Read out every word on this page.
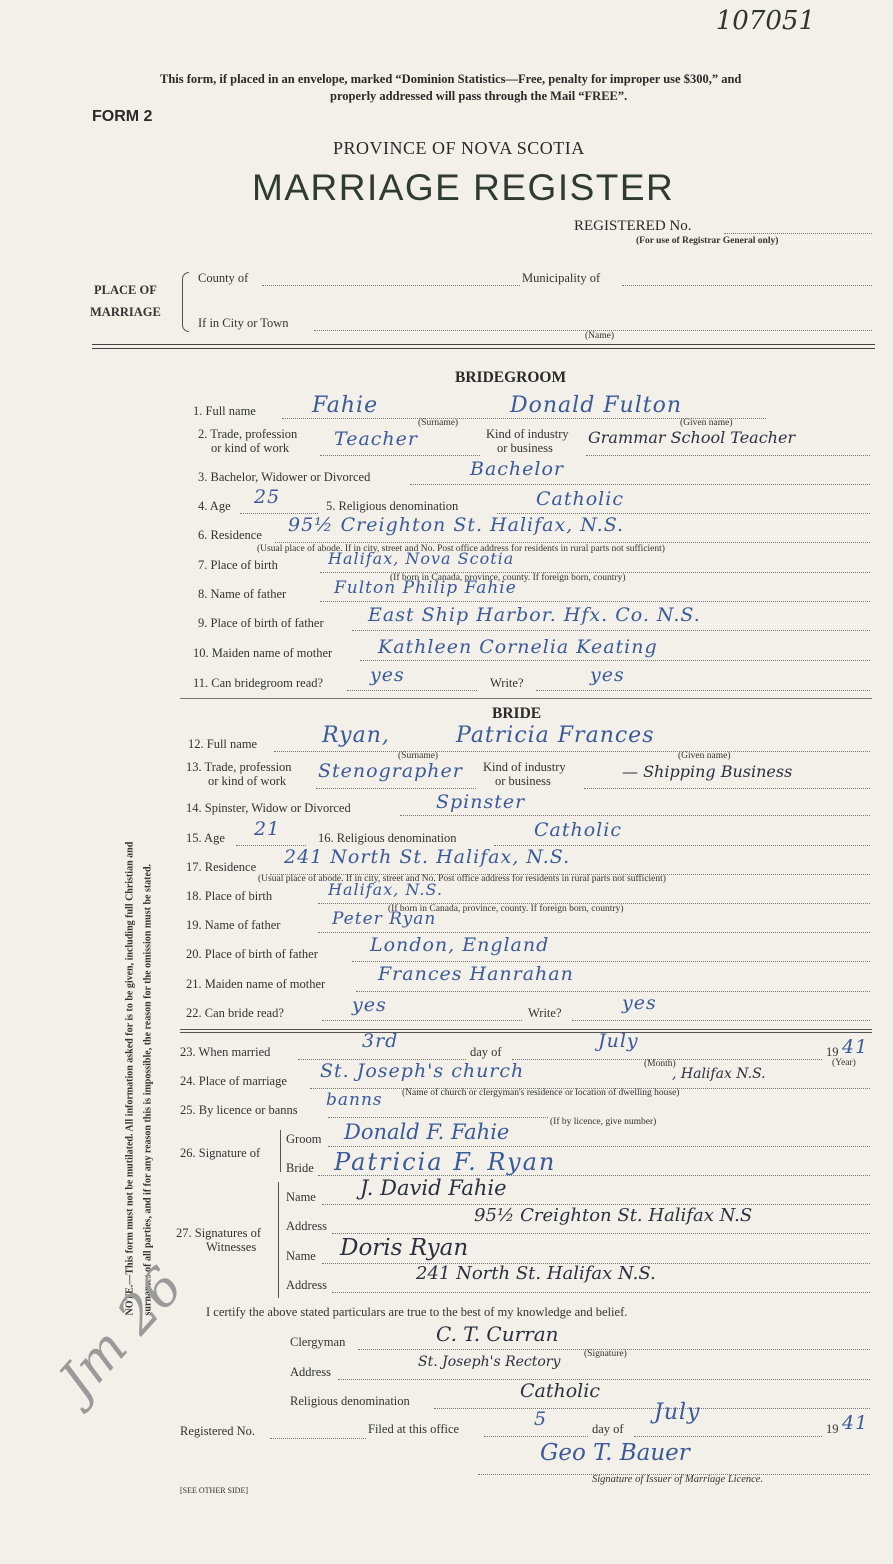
107051
This form, if placed in an envelope, marked “Dominion Statistics—Free, penalty for improper use $300,” and
properly addressed will pass through the Mail “FREE”.
FORM 2
PROVINCE OF NOVA SCOTIA
MARRIAGE REGISTER
REGISTERED No.
(For use of Registrar General only)
PLACE OF
MARRIAGE
County of	Municipality of
If in City or Town
(Name)
NOTE.—This form must not be mutilated. All information asked for is to be given, including full Christian and surnames of all parties, and if for any reason this is impossible, the reason for the omission must be stated.
BRIDEGROOM
1. Full name	Fahie	Donald Fulton
(Surname)	(Given name)
2. Trade, profession
or kind of work Teacher	Kind of industry
or business
Grammar School Teacher
3. Bachelor, Widower or Divorced	Bachelor
4. Age 25	5. Religious denomination	Catholic
6. Residence 95½ Creighton St. Halifax, N.S.
(Usual place of abode. If in city, street and No. Post office address for residents in rural parts not sufficient)
7. Place of birth	Halifax, Nova Scotia
(If born in Canada, province, county. If foreign born, country)
8. Name of father	Fulton Philip Fahie
9. Place of birth of father East Ship Harbor. Hfx. Co. N.S.
10. Maiden name of mother Kathleen Cornelia Keating
11. Can bridegroom read? yes	Write?	yes
BRIDE
12. Full name	Ryan,	Patricia Frances
(Surname)	(Given name)
13. Trade, profession
or kind of work Stenographer Kind of industry
or business	— Shipping Business
14. Spinster, Widow or Divorced	Spinster
15. Age 21	16. Religious denomination	Catholic
17. Residence 241 North St. Halifax, N.S.
(Usual place of abode. If in city, street and No. Post office address for residents in rural parts not sufficient)
18. Place of birth	Halifax, N.S.
(If born in Canada, province, county. If foreign born, country)
19. Name of father	Peter Ryan
20. Place of birth of father	London, England
21. Maiden name of mother	Frances Hanrahan
22. Can bride read?	yes	Write?	yes
23. When married	3rd	day of	July	19 41
(Month)	(Year)
24. Place of marriage St. Joseph's church	, Halifax N.S.
(Name of church or clergyman's residence or location of dwelling house)
25. By licence or banns banns
(If by licence, give number)
26. Signature of
Groom Donald F. Fahie
Bride Patricia F. Ryan
27. Signatures of
Witnesses
Name J. David Fahie
Address	95½ Creighton St. Halifax N.S
Name Doris Ryan
Address
241 North St. Halifax N.S.
I certify the above stated particulars are true to the best of my knowledge and belief.
Clergyman	C. T. Curran
(Signature)
Address
St. Joseph's Rectory
Religious denomination	Catholic
Registered No.	Filed at this office	5	day of
July
19 41
Geo T. Bauer
Signature of Issuer of Marriage Licence.
[SEE OTHER SIDE]
Jm 26
